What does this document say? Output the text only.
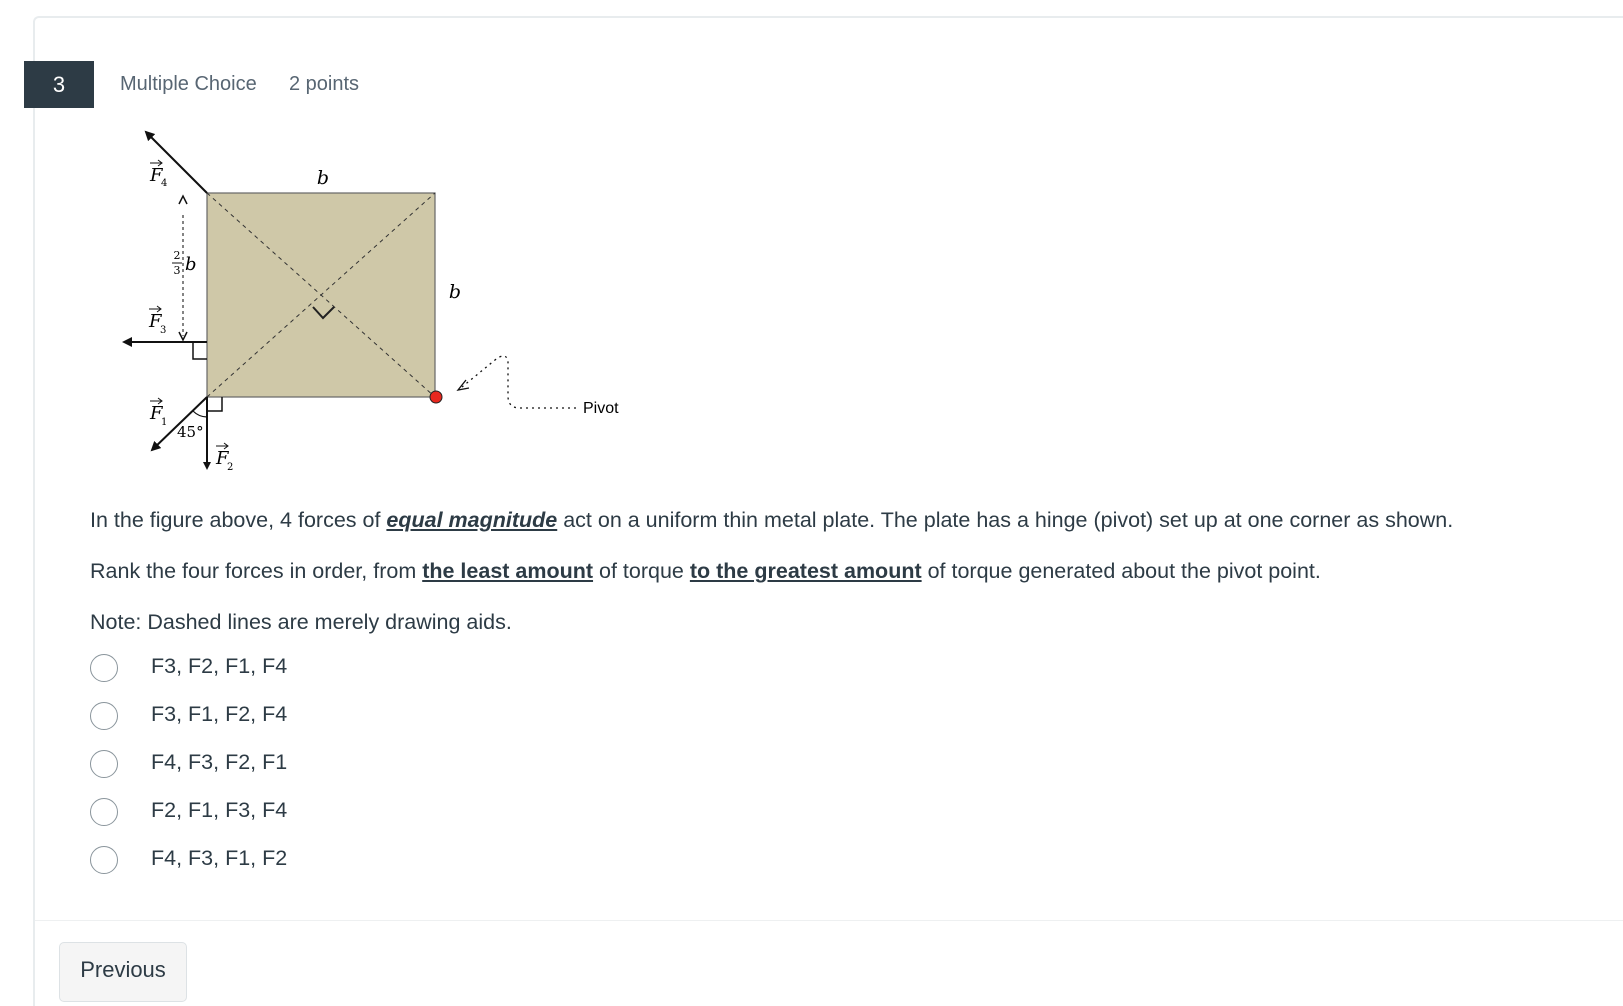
3	Multiple Choice 2 points
b
b
F
4
F
3
F
1
F
2
2
3 b
45°
Pivot
In the figure above, 4 forces of equal magnitude act on a uniform thin metal plate. The plate has a hinge (pivot) set up at one corner as shown.
Rank the four forces in order, from the least amount of torque to the greatest amount of torque generated about the pivot point.
Note: Dashed lines are merely drawing aids.
F3, F2, F1, F4
F3, F1, F2, F4
F4, F3, F2, F1
F2, F1, F3, F4
F4, F3, F1, F2
Previous
